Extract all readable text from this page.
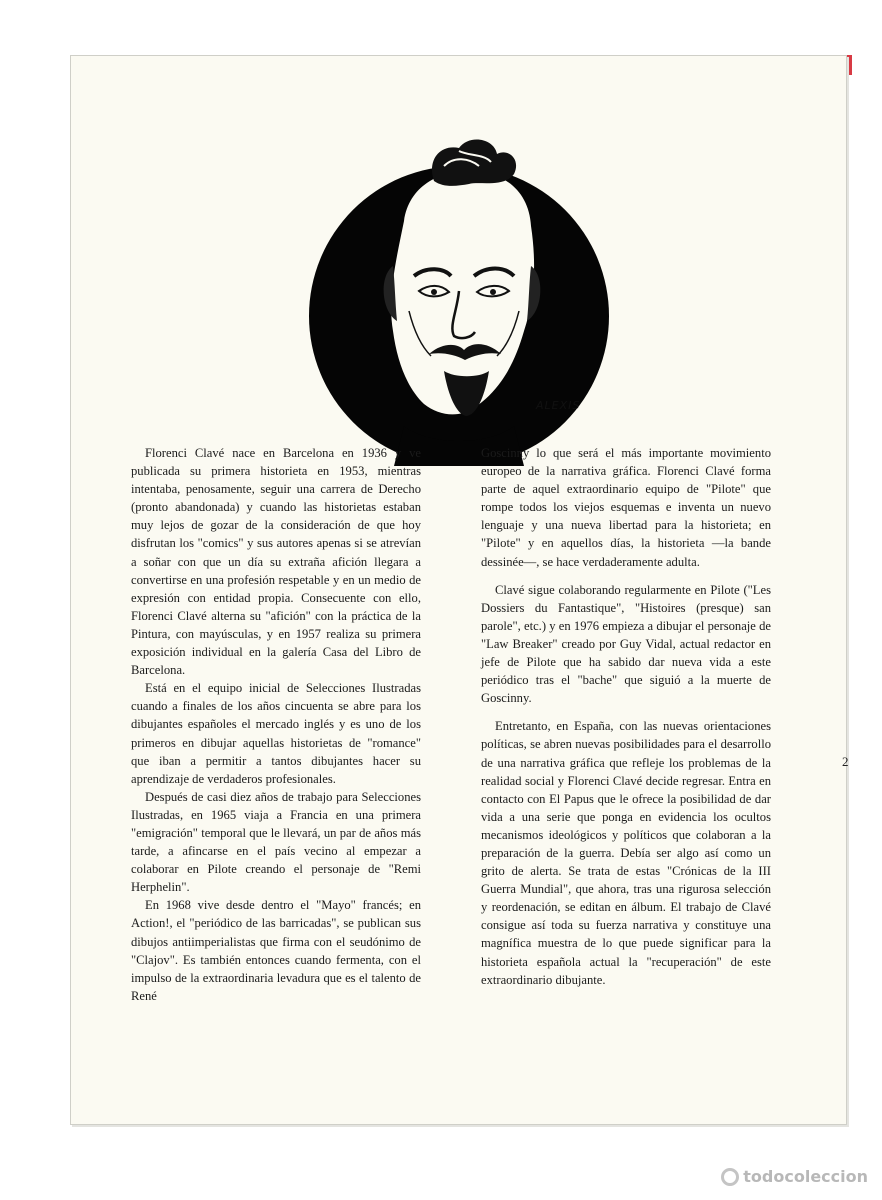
ALEXIS

Florenci Clavé nace en Barcelona en 1936 y ve publicada su primera historieta en 1953, mientras intentaba, penosamente, seguir una carrera de Derecho (pronto abandonada) y cuando las historietas estaban muy lejos de gozar de la consideración de que hoy disfrutan los "comics" y sus autores apenas si se atrevían a soñar con que un día su extraña afición llegara a convertirse en una profesión respetable y en un medio de expresión con entidad propia. Consecuente con ello, Florenci Clavé alterna su "afición" con la práctica de la Pintura, con mayúsculas, y en 1957 realiza su primera exposición individual en la galería Casa del Libro de Barcelona.

Está en el equipo inicial de Selecciones Ilustradas cuando a finales de los años cincuenta se abre para los dibujantes españoles el mercado inglés y es uno de los primeros en dibujar aquellas historietas de "romance" que iban a permitir a tantos dibujantes hacer su aprendizaje de verdaderos profesionales.

Después de casi diez años de trabajo para Selecciones Ilustradas, en 1965 viaja a Francia en una primera "emigración" temporal que le llevará, un par de años más tarde, a afincarse en el país vecino al empezar a colaborar en Pilote creando el personaje de "Remi Herphelin".

En 1968 vive desde dentro el "Mayo" francés; en Action!, el "periódico de las barricadas", se publican sus dibujos antiimperialistas que firma con el seudónimo de "Clajov". Es también entonces cuando fermenta, con el impulso de la extraordinaria levadura que es el talento de René

Goscinny lo que será el más importante movimiento europeo de la narrativa gráfica. Florenci Clavé forma parte de aquel extraordinario equipo de "Pilote" que rompe todos los viejos esquemas e inventa un nuevo lenguaje y una nueva libertad para la historieta; en "Pilote" y en aquellos días, la historieta —la bande dessinée—, se hace verdaderamente adulta.

Clavé sigue colaborando regularmente en Pilote ("Les Dossiers du Fantastique", "Histoires (presque) san parole", etc.) y en 1976 empieza a dibujar el personaje de "Law Breaker" creado por Guy Vidal, actual redactor en jefe de Pilote que ha sabido dar nueva vida a este periódico tras el "bache" que siguió a la muerte de Goscinny.

Entretanto, en España, con las nuevas orientaciones políticas, se abren nuevas posibilidades para el desarrollo de una narrativa gráfica que refleje los problemas de la realidad social y Florenci Clavé decide regresar. Entra en contacto con El Papus que le ofrece la posibilidad de dar vida a una serie que ponga en evidencia los ocultos mecanismos ideológicos y políticos que colaboran a la preparación de la guerra. Debía ser algo así como un grito de alerta. Se trata de estas "Crónicas de la III Guerra Mundial", que ahora, tras una rigurosa selección y reordenación, se editan en álbum. El trabajo de Clavé consigue así toda su fuerza narrativa y constituye una magnífica muestra de lo que puede significar para la historieta española actual la "recuperación" de este extraordinario dibujante.

2
todocoleccion
